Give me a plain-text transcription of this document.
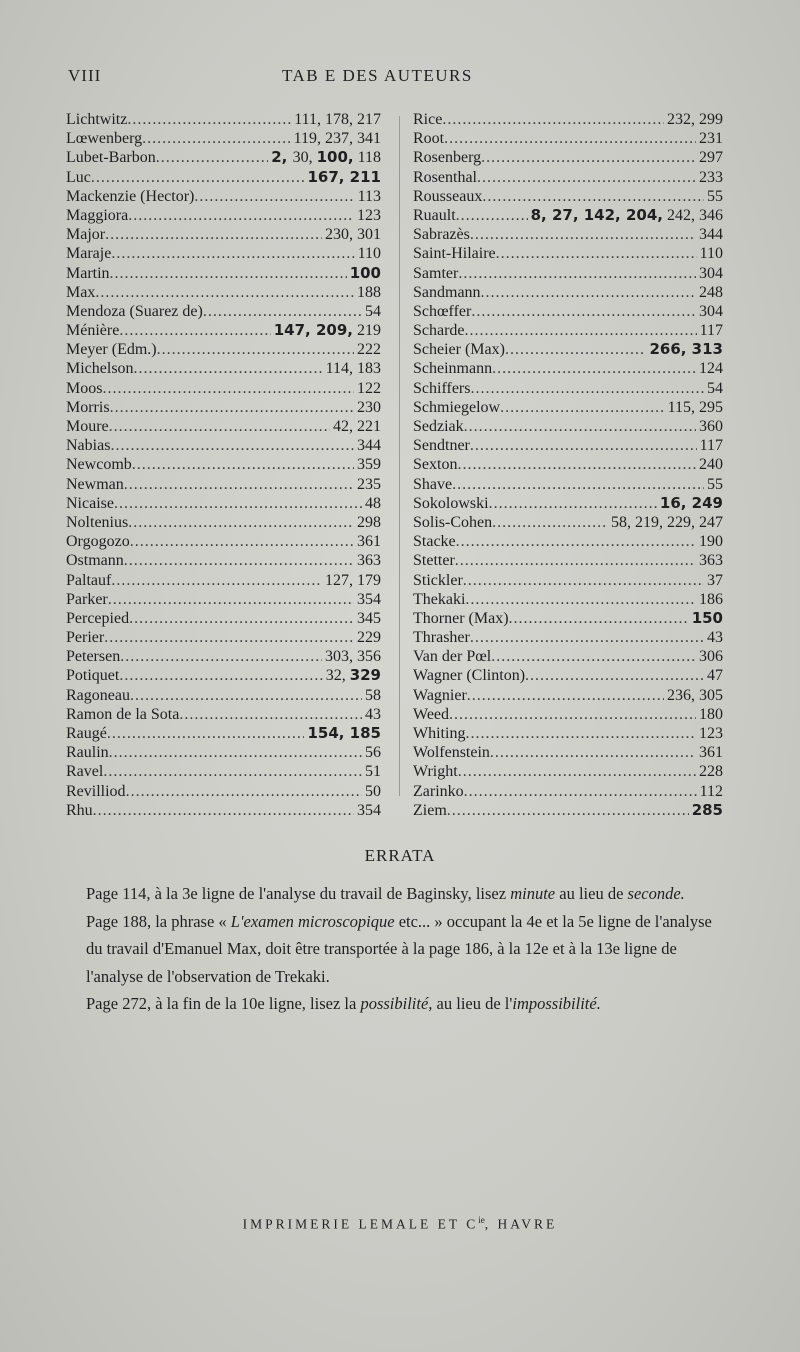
VIII	TAB E DES AUTEURS
Lichtwitz .....	111, 178, 217
Lœwenberg .....	119, 237, 341
Lubet-Barbon .....	2, 30, 100, 118
Luc .....	167, 211
Mackenzie (Hector) .....	113
Maggiora .....	123
Major .....	230, 301
Maraje .....	110
Martin .....	100
Max .....	188
Mendoza (Suarez de) .....	54
Ménière .....	147, 209, 219
Meyer (Edm.) .....	222
Michelson .....	114, 183
Moos .....	122
Morris .....	230
Moure .....	42, 221
Nabias .....	344
Newcomb .....	359
Newman .....	235
Nicaise .....	48
Noltenius .....	298
Orgogozo .....	361
Ostmann .....	363
Paltauf .....	127, 179
Parker .....	354
Percepied .....	345
Perier .....	229
Petersen .....	303, 356
Potiquet .....	32, 329
Ragoneau .....	58
Ramon de la Sota .....	43
Raugé .....	154, 185
Raulin .....	56
Ravel .....	51
Revilliod .....	50
Rhu .....	354
Rice .....	232, 299
Root .....	231
Rosenberg .....	297
Rosenthal .....	233
Rousseaux .....	55
Ruault .....	8, 27, 142, 204, 242, 346
Sabrazès .....	344
Saint-Hilaire .....	110
Samter .....	304
Sandmann .....	248
Schœffer .....	304
Scharde .....	117
Scheier (Max) .....	266, 313
Scheinmann .....	124
Schiffers .....	54
Schmiegelow .....	115, 295
Sedziak .....	360
Sendtner .....	117
Sexton .....	240
Shave .....	55
Sokolowski .....	16, 249
Solis-Cohen .....	58, 219, 229, 247
Stacke .....	190
Stetter .....	363
Stickler .....	37
Thekaki .....	186
Thorner (Max) .....	150
Thrasher .....	43
Van der Pœl .....	306
Wagner (Clinton) .....	47
Wagnier .....	236, 305
Weed .....	180
Whiting .....	123
Wolfenstein .....	361
Wright .....	228
Zarinko .....	112
Ziem .....	285
ERRATA

Page 114, à la 3e ligne de l'analyse du travail de Baginsky, lisez minute au lieu de seconde.

Page 188, la phrase « L'examen microscopique etc... » occupant la 4e et la 5e ligne de l'analyse du travail d'Emanuel Max, doit être transportée à la page 186, à la 12e et à la 13e ligne de l'analyse de l'observation de Trekaki.

Page 272, à la fin de la 10e ligne, lisez la possibilité, au lieu de l'impossibilité.

IMPRIMERIE LEMALE ET $C^{ie}$, HAVRE
